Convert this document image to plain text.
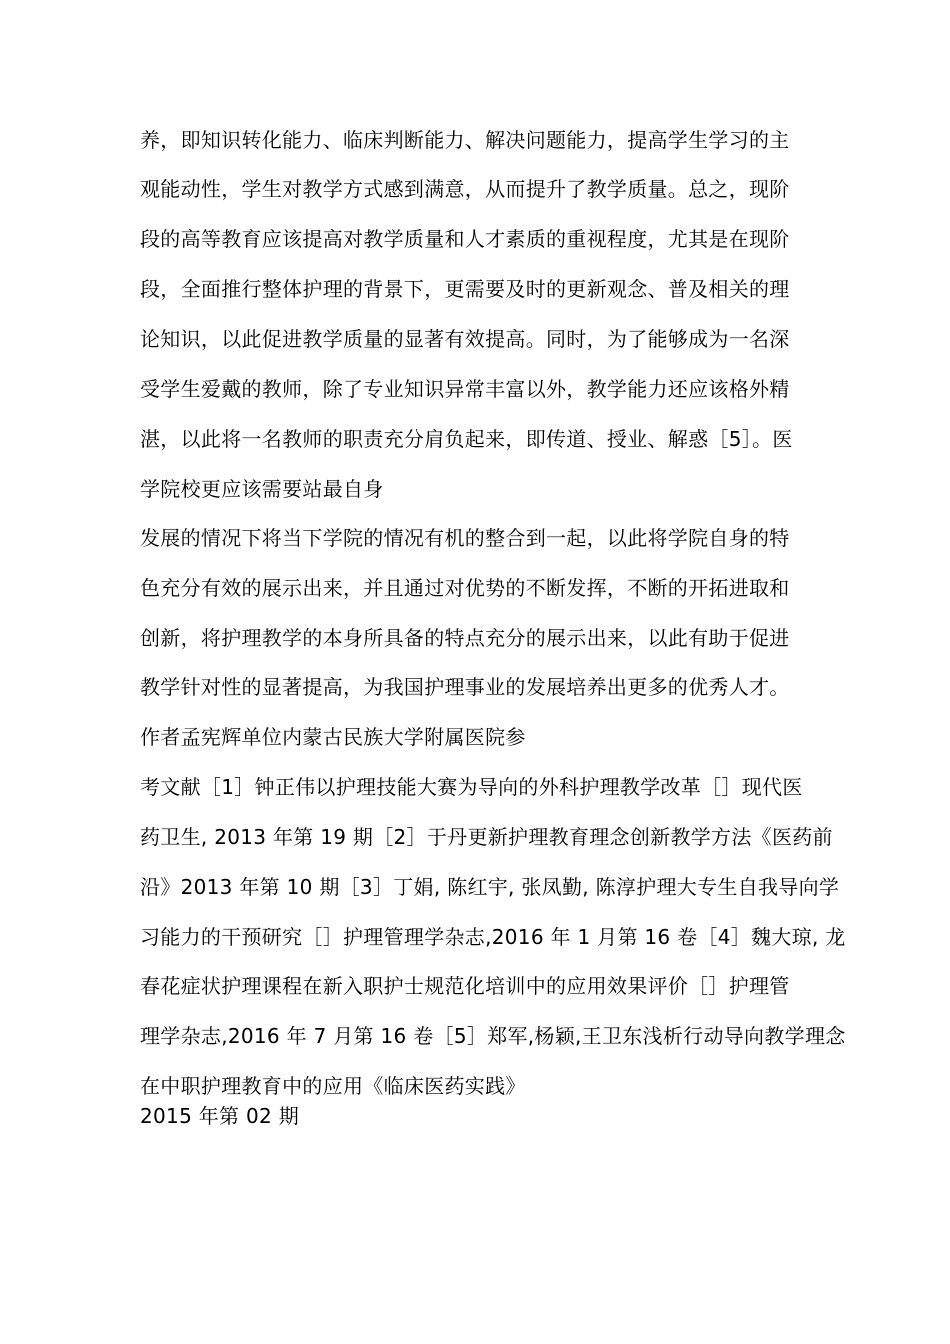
养，即知识转化能力、临床判断能力、解决问题能力，提高学生学习的主
观能动性，学生对教学方式感到满意，从而提升了教学质量。总之，现阶
段的高等教育应该提高对教学质量和人才素质的重视程度，尤其是在现阶
段，全面推行整体护理的背景下，更需要及时的更新观念、普及相关的理
论知识，以此促进教学质量的显著有效提高。同时，为了能够成为一名深
受学生爱戴的教师，除了专业知识异常丰富以外，教学能力还应该格外精
湛，以此将一名教师的职责充分肩负起来，即传道、授业、解惑［5］。医
学院校更应该需要站最自身
发展的情况下将当下学院的情况有机的整合到一起，以此将学院自身的特
色充分有效的展示出来，并且通过对优势的不断发挥，不断的开拓进取和
创新，将护理教学的本身所具备的特点充分的展示出来，以此有助于促进
教学针对性的显著提高，为我国护理事业的发展培养出更多的优秀人才。
作者孟宪辉单位内蒙古民族大学附属医院参
考文献［1］钟正伟以护理技能大赛为导向的外科护理教学改革［］现代医
药卫生, 2013 年第 19 期［2］于丹更新护理教育理念创新教学方法《医药前
沿》2013 年第 10 期［3］丁娟, 陈红宇, 张凤勤, 陈淳护理大专生自我导向学
习能力的干预研究［］护理管理学杂志,2016 年 1 月第 16 卷［4］魏大琼, 龙
春花症状护理课程在新入职护士规范化培训中的应用效果评价［］护理管
理学杂志,2016 年 7 月第 16 卷［5］郑军,杨颖,王卫东浅析行动导向教学理念
在中职护理教育中的应用《临床医药实践》
2015 年第 02 期
